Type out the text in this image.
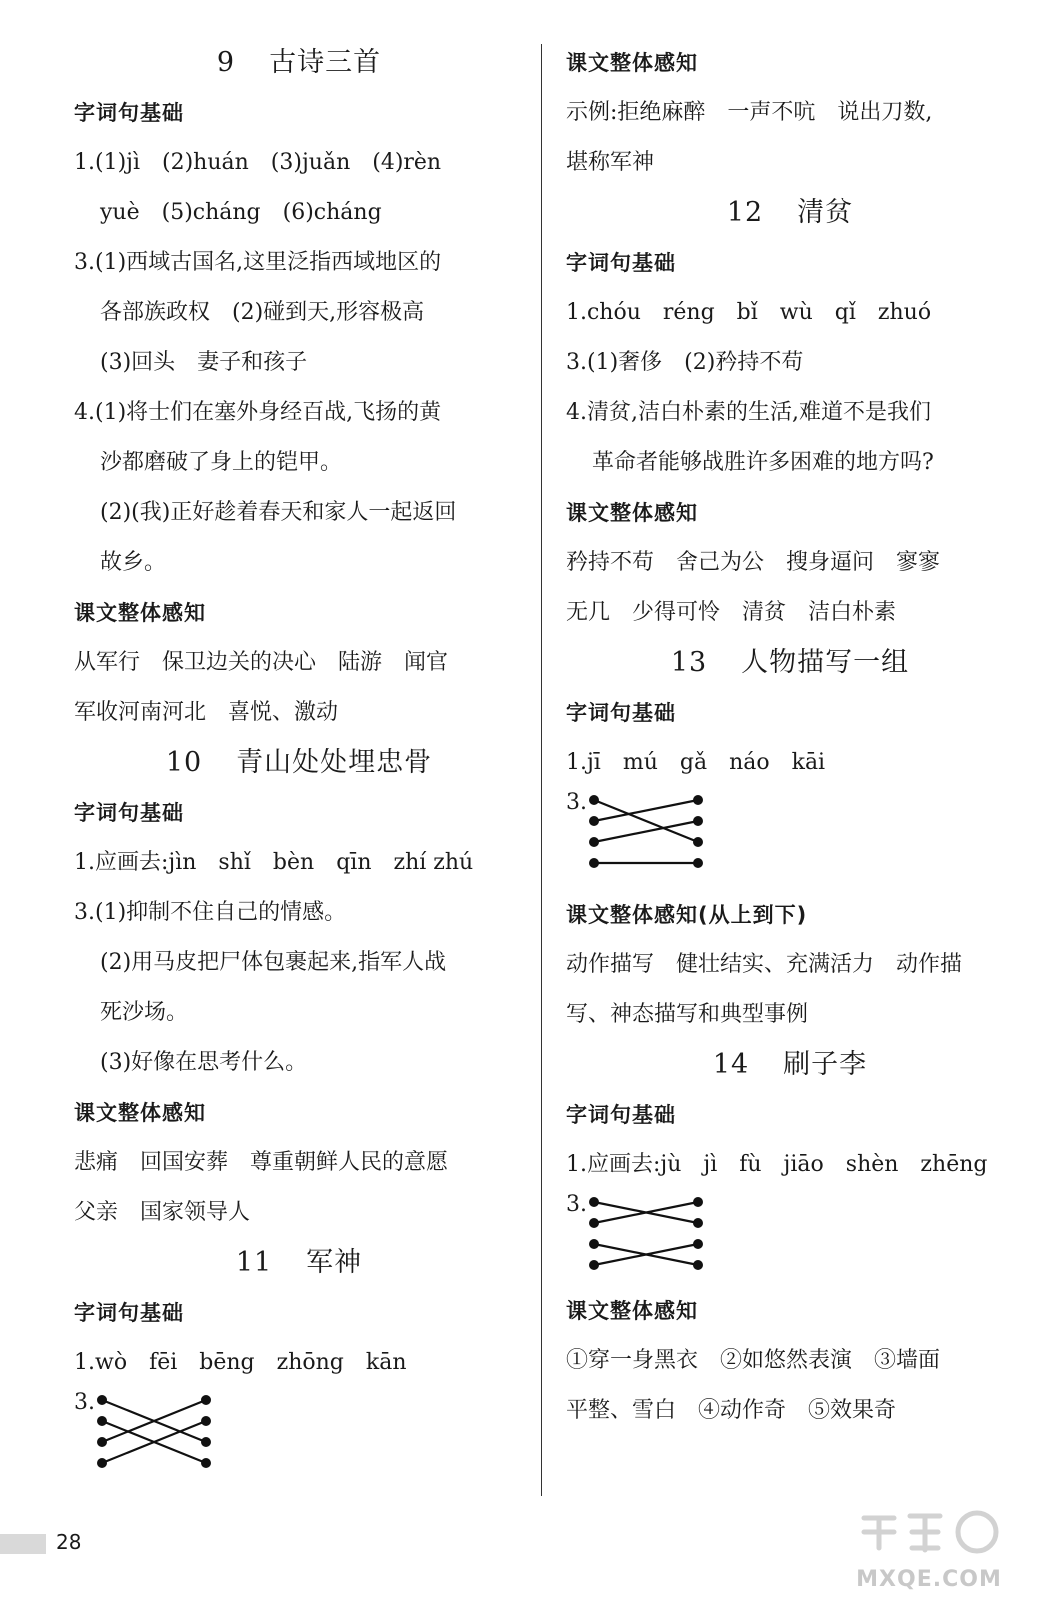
9 古诗三首
字词句基础
1.(1)jì　(2)huán　(3)juǎn　(4)rèn
yuè　(5)cháng　(6)cháng
3.(1)西域古国名,这里泛指西域地区的
各部族政权　(2)碰到天,形容极高
(3)回头　妻子和孩子
4.(1)将士们在塞外身经百战,飞扬的黄
沙都磨破了身上的铠甲。
(2)(我)正好趁着春天和家人一起返回
故乡。
课文整体感知
从军行　保卫边关的决心　陆游　闻官
军收河南河北　喜悦、激动
10 青山处处埋忠骨
字词句基础
1.应画去:jìn　shǐ　bèn　qīn　zhí zhú
3.(1)抑制不住自己的情感。
(2)用马皮把尸体包裹起来,指军人战
死沙场。
(3)好像在思考什么。
课文整体感知
悲痛　回国安葬　尊重朝鲜人民的意愿
父亲　国家领导人
11 军神
字词句基础
1.wò　fēi　bēng　zhōng　kān
3.
课文整体感知
示例:拒绝麻醉　一声不吭　说出刀数,
堪称军神
12 清贫
字词句基础
1.chóu　réng　bǐ　wù　qǐ　zhuó
3.(1)奢侈　(2)矜持不苟
4.清贫,洁白朴素的生活,难道不是我们
革命者能够战胜许多困难的地方吗?
课文整体感知
矜持不苟　舍己为公　搜身逼问　寥寥
无几　少得可怜　清贫　洁白朴素
13 人物描写一组
字词句基础
1.jī　mú　gǎ　náo　kāi
3.
课文整体感知(从上到下)
动作描写　健壮结实、充满活力　动作描
写、神态描写和典型事例
14 刷子李
字词句基础
1.应画去:jù　jì　fù　jiāo　shèn　zhēng
3.
课文整体感知
①穿一身黑衣　②如悠然表演　③墙面
平整、雪白　④动作奇　⑤效果奇
28
MXQE.COM
